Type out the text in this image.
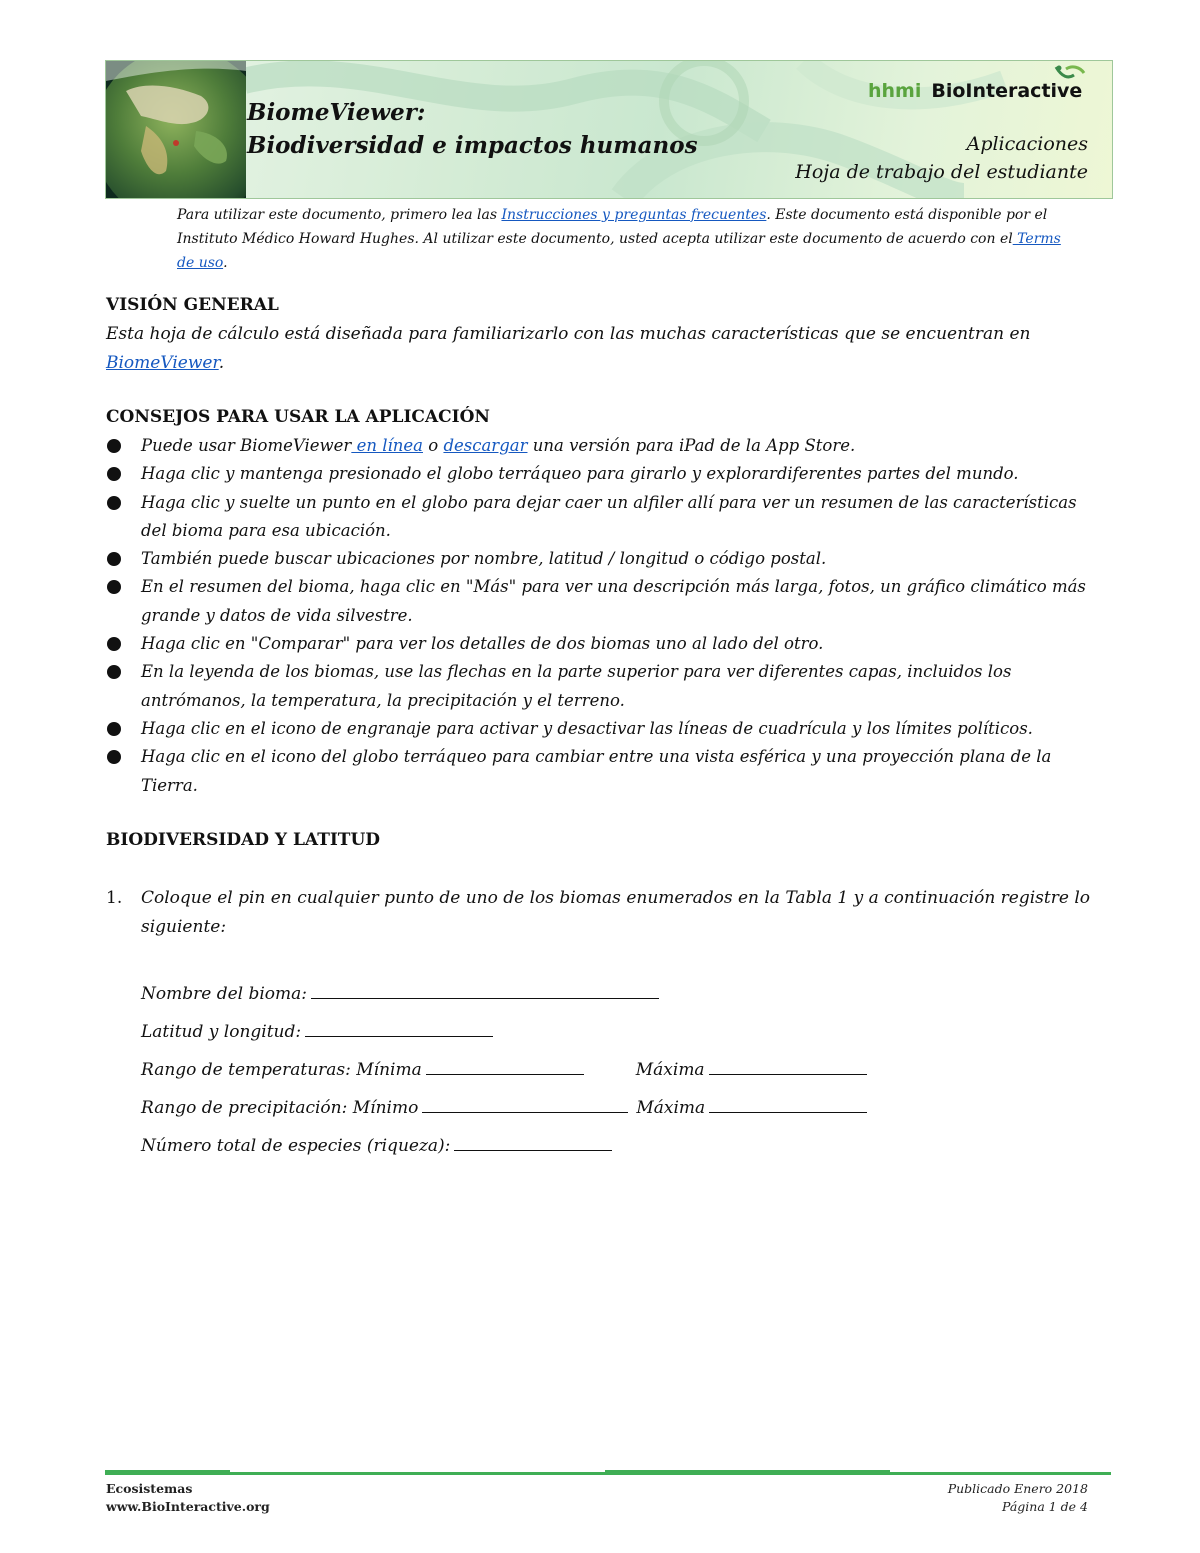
BiomeViewer:
Biodiversidad e impactos humanos
hhmi BioInteractive
Aplicaciones
Hoja de trabajo del estudiante
Para utilizar este documento, primero lea las Instrucciones y preguntas frecuentes. Este documento está disponible por el Instituto Médico Howard Hughes. Al utilizar este documento, usted acepta utilizar este documento de acuerdo con el Terms de uso.
VISIÓN GENERAL
Esta hoja de cálculo está diseñada para familiarizarlo con las muchas características que se encuentran en BiomeViewer.
CONSEJOS PARA USAR LA APLICACIÓN
Puede usar BiomeViewer en línea o descargar una versión para iPad de la App Store.
Haga clic y mantenga presionado el globo terráqueo para girarlo y explorardiferentes partes del mundo.
Haga clic y suelte un punto en el globo para dejar caer un alfiler allí para ver un resumen de las características del bioma para esa ubicación.
También puede buscar ubicaciones por nombre, latitud / longitud o código postal.
En el resumen del bioma, haga clic en "Más" para ver una descripción más larga, fotos, un gráfico climático más grande y datos de vida silvestre.
Haga clic en "Comparar" para ver los detalles de dos biomas uno al lado del otro.
En la leyenda de los biomas, use las flechas en la parte superior para ver diferentes capas, incluidos los antrómanos, la temperatura, la precipitación y el terreno.
Haga clic en el icono de engranaje para activar y desactivar las líneas de cuadrícula y los límites políticos.
Haga clic en el icono del globo terráqueo para cambiar entre una vista esférica y una proyección plana de la Tierra.
BIODIVERSIDAD Y LATITUD
1. Coloque el pin en cualquier punto de uno de los biomas enumerados en la Tabla 1 y a continuación registre lo siguiente:
Nombre del bioma:
Latitud y longitud:
Rango de temperaturas: Mínima	Máxima
Rango de precipitación: Mínimo	Máxima
Número total de especies (riqueza):
Ecosistemas
www.BioInteractive.org
Publicado Enero 2018
Página 1 de 4
